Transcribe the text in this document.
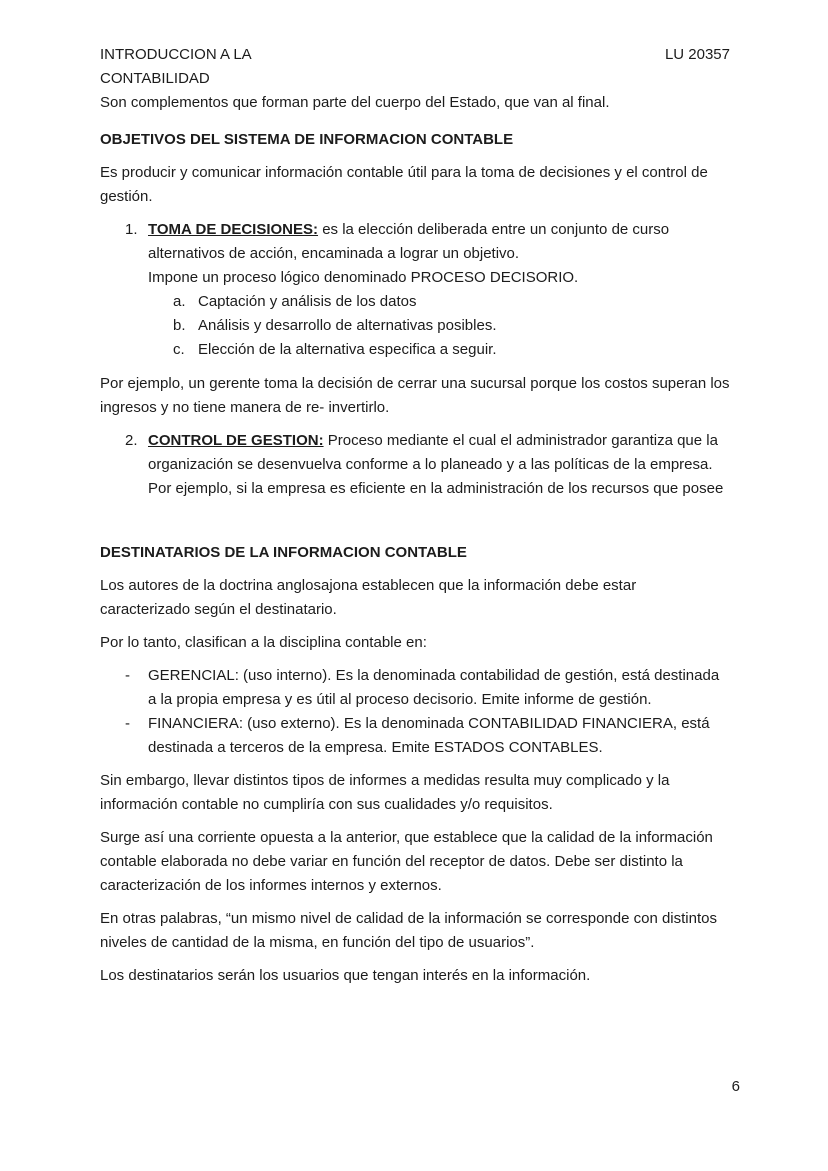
INTRODUCCION A LA CONTABILIDAD
LU 20357

Son complementos que forman parte del cuerpo del Estado, que van al final.

OBJETIVOS DEL SISTEMA DE INFORMACION CONTABLE

Es producir y comunicar información contable útil para la toma de decisiones y el control de gestión.

1. TOMA DE DECISIONES: es la elección deliberada entre un conjunto de curso alternativos de acción, encaminada a lograr un objetivo.
Impone un proceso lógico denominado PROCESO DECISORIO.
a. Captación y análisis de los datos
b. Análisis y desarrollo de alternativas posibles.
c. Elección de la alternativa especifica a seguir.

Por ejemplo, un gerente toma la decisión de cerrar una sucursal porque los costos superan los ingresos y no tiene manera de re- invertirlo.

2. CONTROL DE GESTION: Proceso mediante el cual el administrador garantiza que la organización se desenvuelva conforme a lo planeado y a las políticas de la empresa.
Por ejemplo, si la empresa es eficiente en la administración de los recursos que posee
DESTINATARIOS DE LA INFORMACION CONTABLE

Los autores de la doctrina anglosajona establecen que la información debe estar caracterizado según el destinatario.

Por lo tanto, clasifican a la disciplina contable en:

-	GERENCIAL: (uso interno). Es la denominada contabilidad de gestión, está destinada a la propia empresa y es útil al proceso decisorio. Emite informe de gestión.
-	FINANCIERA: (uso externo). Es la denominada CONTABILIDAD FINANCIERA, está destinada a terceros de la empresa. Emite ESTADOS CONTABLES.

Sin embargo, llevar distintos tipos de informes a medidas resulta muy complicado y la información contable no cumpliría con sus cualidades y/o requisitos.

Surge así una corriente opuesta a la anterior, que establece que la calidad de la información contable elaborada no debe variar en función del receptor de datos. Debe ser distinto la caracterización de los informes internos y externos.

En otras palabras, “un mismo nivel de calidad de la información se corresponde con distintos niveles de cantidad de la misma, en función del tipo de usuarios”.

Los destinatarios serán los usuarios que tengan interés en la información.

6
